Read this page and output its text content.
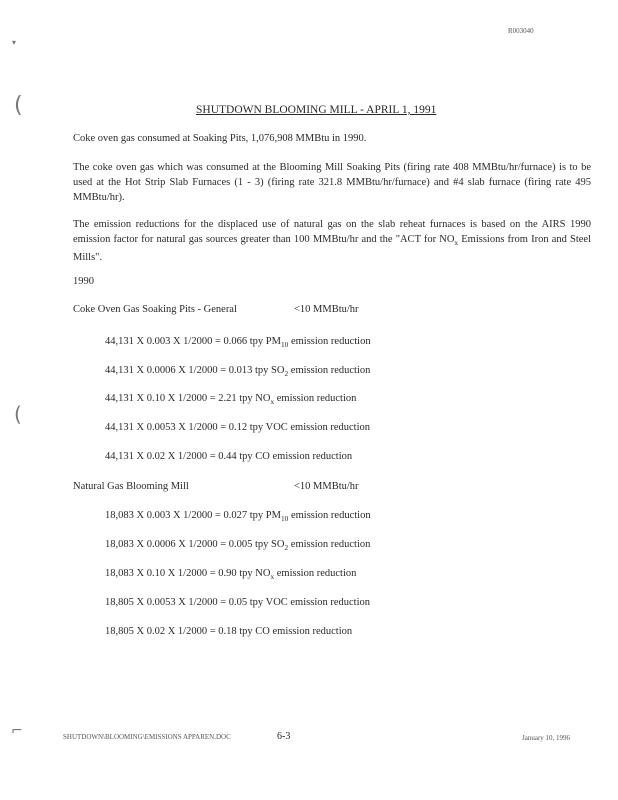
R003040
▾
(
(
⌐
SHUTDOWN BLOOMING MILL - APRIL 1, 1991
Coke oven gas consumed at Soaking Pits, 1,076,908 MMBtu in 1990.
The coke oven gas which was consumed at the Blooming Mill Soaking Pits (firing rate 408 MMBtu/hr/furnace) is to be used at the Hot Strip Slab Furnaces (1 - 3) (firing rate 321.8 MMBtu/hr/furnace) and #4 slab furnace (firing rate 495 MMBtu/hr).
The emission reductions for the displaced use of natural gas on the slab reheat furnaces is based on the AIRS 1990 emission factor for natural gas sources greater than 100 MMBtu/hr and the "ACT for $NO_x$ Emissions from Iron and Steel Mills".
1990
Coke Oven Gas Soaking Pits - General	<10 MMBtu/hr
44,131 X 0.003 X 1/2000 = 0.066 tpy $PM_{10}$ emission reduction
44,131 X 0.0006 X 1/2000 = 0.013 tpy $SO_2$ emission reduction
44,131 X 0.10 X 1/2000 = 2.21 tpy $NO_x$ emission reduction
44,131 X 0.0053 X 1/2000 = 0.12 tpy VOC emission reduction
44,131 X 0.02 X 1/2000 = 0.44 tpy CO emission reduction
Natural Gas Blooming Mill	<10 MMBtu/hr
18,083 X 0.003 X 1/2000 = 0.027 tpy $PM_{10}$ emission reduction
18,083 X 0.0006 X 1/2000 = 0.005 tpy $SO_2$ emission reduction
18,083 X 0.10 X 1/2000 = 0.90 tpy $NO_x$ emission reduction
18,805 X 0.0053 X 1/2000 = 0.05 tpy VOC emission reduction
18,805 X 0.02 X 1/2000 = 0.18 tpy CO emission reduction
SHUTDOWN\BLOOMING\EMISSIONS APPAREN.DOC	6-3	January 10, 1996
